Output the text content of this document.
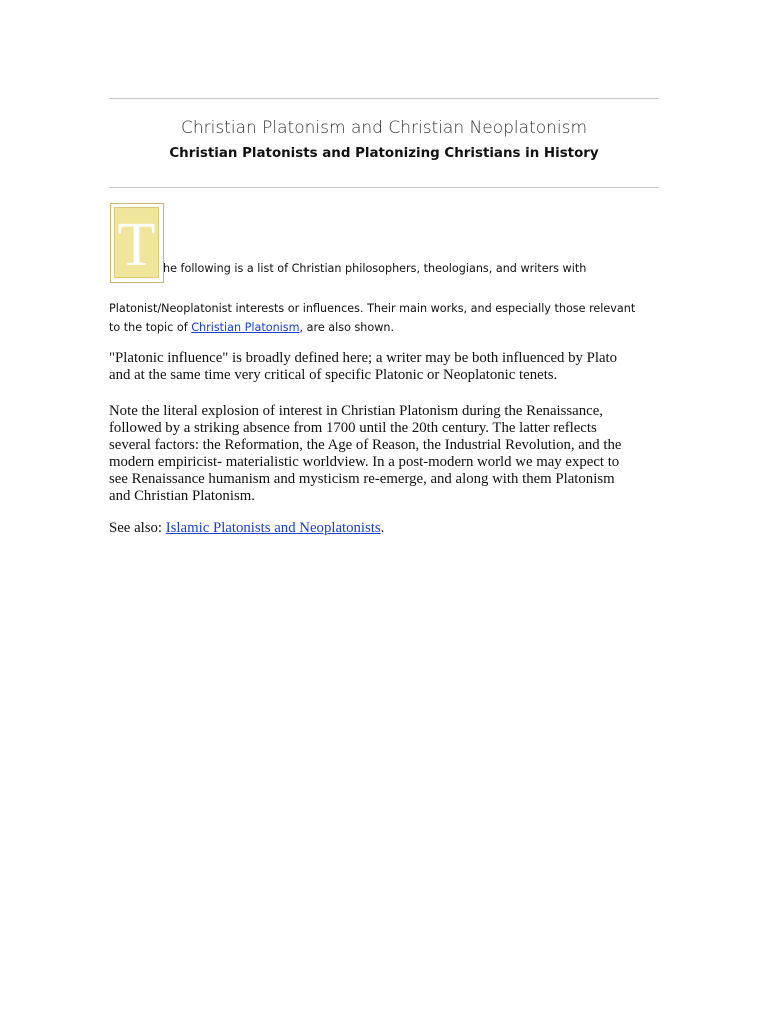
Christian Platonism and Christian Neoplatonism
Christian Platonists and Platonizing Christians in History
T he following is a list of Christian philosophers, theologians, and writers with
Platonist/Neoplatonist interests or influences. Their main works, and especially those relevant
to the topic of Christian Platonism, are also shown.
"Platonic influence" is broadly defined here; a writer may be both influenced by Plato
and at the same time very critical of specific Platonic or Neoplatonic tenets.
Note the literal explosion of interest in Christian Platonism during the Renaissance,
followed by a striking absence from 1700 until the 20th century. The latter reflects
several factors: the Reformation, the Age of Reason, the Industrial Revolution, and the
modern empiricist- materialistic worldview. In a post-modern world we may expect to
see Renaissance humanism and mysticism re-emerge, and along with them Platonism
and Christian Platonism.
See also: Islamic Platonists and Neoplatonists.
